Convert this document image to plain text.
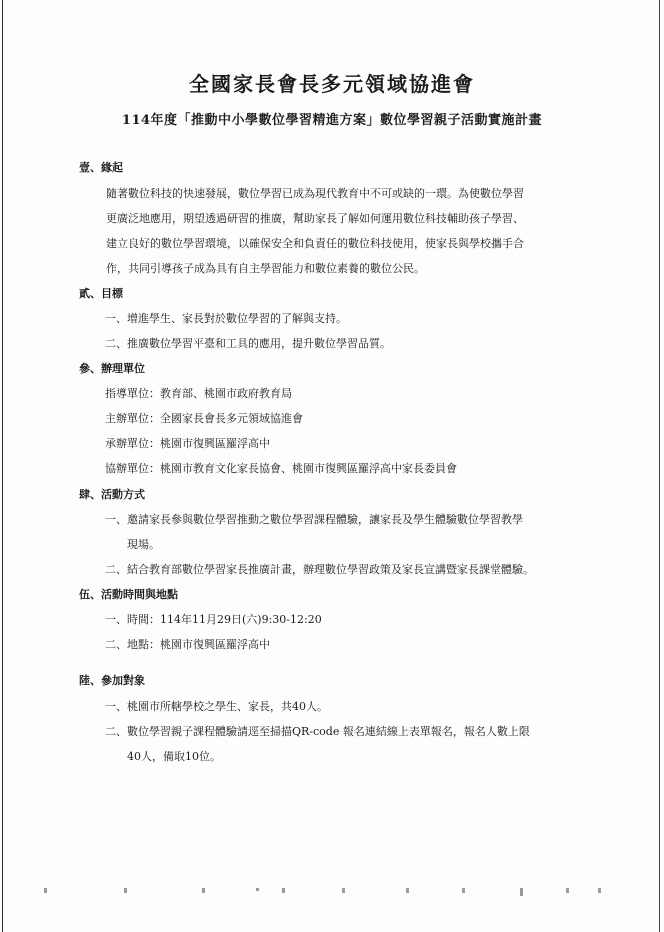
全國家長會長多元領域協進會
114年度「推動中小學數位學習精進方案」數位學習親子活動實施計畫
壹、緣起
隨著數位科技的快速發展，數位學習已成為現代教育中不可或缺的一環。為使數位學習
更廣泛地應用，期望透過研習的推廣，幫助家長了解如何運用數位科技輔助孩子學習、
建立良好的數位學習環境，以確保安全和負責任的數位科技使用，使家長與學校攜手合
作，共同引導孩子成為具有自主學習能力和數位素養的數位公民。
貳、目標
一、增進學生、家長對於數位學習的了解與支持。
二、推廣數位學習平臺和工具的應用，提升數位學習品質。
參、辦理單位
指導單位：教育部、桃園市政府教育局
主辦單位：全國家長會長多元領域協進會
承辦單位：桃園市復興區羅浮高中
協辦單位：桃園市教育文化家長協會、桃園市復興區羅浮高中家長委員會
肆、活動方式
一、邀請家長參與數位學習推動之數位學習課程體驗，讓家長及學生體驗數位學習教學
現場。
二、結合教育部數位學習家長推廣計畫，辦理數位學習政策及家長宣講暨家長課堂體驗。
伍、活動時間與地點
一、時間：114年11月29日(六)9:30-12:20
二、地點：桃園市復興區羅浮高中
陸、參加對象
一、桃園市所轄學校之學生、家長，共40人。
二、數位學習親子課程體驗請逕至掃描QR-code 報名連結線上表單報名，報名人數上限
40人，備取10位。
